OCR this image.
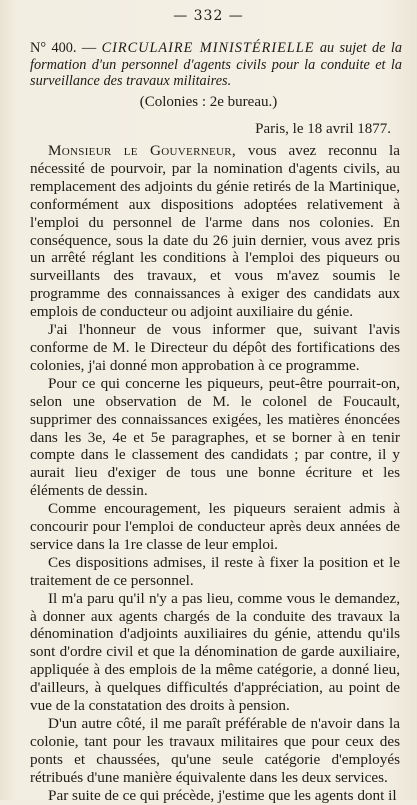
— 332 —
N° 400. — CIRCULAIRE MINISTÉRIELLE au sujet de la formation d'un personnel d'agents civils pour la conduite et la surveillance des travaux militaires.
(Colonies : 2e bureau.)
Paris, le 18 avril 1877.

Monsieur le Gouverneur, vous avez reconnu la nécessité de pourvoir, par la nomination d'agents civils, au remplacement des adjoints du génie retirés de la Martinique, conformément aux dispositions adoptées relativement à l'emploi du personnel de l'arme dans nos colonies. En conséquence, sous la date du 26 juin dernier, vous avez pris un arrêté réglant les conditions à l'emploi des piqueurs ou surveillants des travaux, et vous m'avez soumis le programme des connaissances à exiger des candidats aux emplois de conducteur ou adjoint auxiliaire du génie.

J'ai l'honneur de vous informer que, suivant l'avis conforme de M. le Directeur du dépôt des fortifications des colonies, j'ai donné mon approbation à ce programme.

Pour ce qui concerne les piqueurs, peut-être pourrait-on, selon une observation de M. le colonel de Foucault, supprimer des connaissances exigées, les matières énoncées dans les 3e, 4e et 5e paragraphes, et se borner à en tenir compte dans le classement des candidats ; par contre, il y aurait lieu d'exiger de tous une bonne écriture et les éléments de dessin.

Comme encouragement, les piqueurs seraient admis à concourir pour l'emploi de conducteur après deux années de service dans la 1re classe de leur emploi.

Ces dispositions admises, il reste à fixer la position et le traitement de ce personnel.

Il m'a paru qu'il n'y a pas lieu, comme vous le demandez, à donner aux agents chargés de la conduite des travaux la dénomination d'adjoints auxiliaires du génie, attendu qu'ils sont d'ordre civil et que la dénomination de garde auxiliaire, appliquée à des emplois de la même catégorie, a donné lieu, d'ailleurs, à quelques difficultés d'appréciation, au point de vue de la constatation des droits à pension.

D'un autre côté, il me paraît préférable de n'avoir dans la colonie, tant pour les travaux militaires que pour ceux des ponts et chaussées, qu'une seule catégorie d'employés rétribués d'une manière équivalente dans les deux services.

Par suite de ce qui précède, j'estime que les agents dont il
